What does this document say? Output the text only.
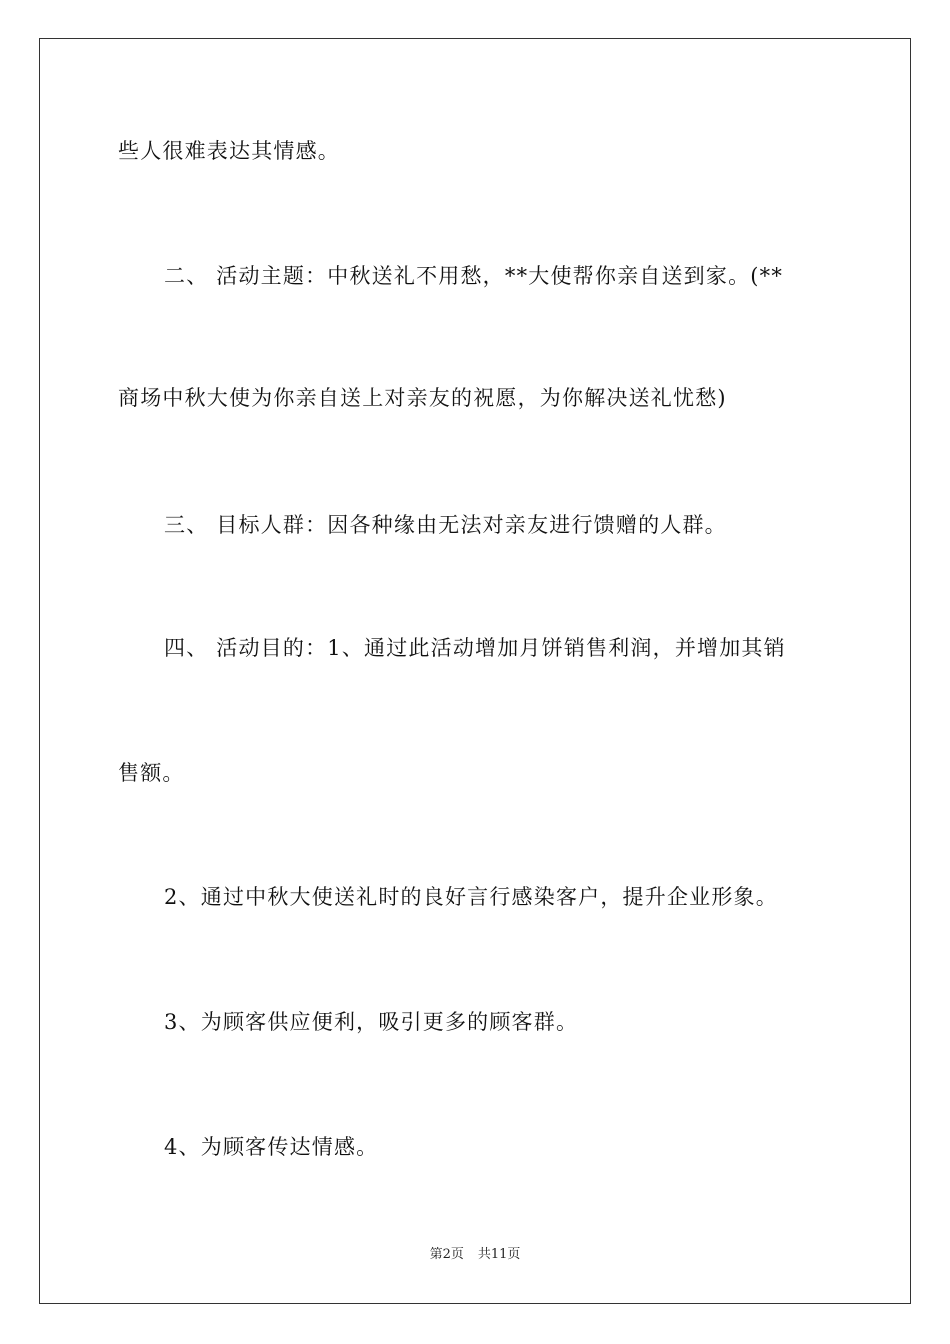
些人很难表达其情感。
二、 活动主题：中秋送礼不用愁，**大使帮你亲自送到家。(**
商场中秋大使为你亲自送上对亲友的祝愿，为你解决送礼忧愁)
三、 目标人群：因各种缘由无法对亲友进行馈赠的人群。
四、 活动目的：1、通过此活动增加月饼销售利润，并增加其销
售额。
2、通过中秋大使送礼时的良好言行感染客户，提升企业形象。
3、为顾客供应便利，吸引更多的顾客群。
4、为顾客传达情感。
第2页 共11页
